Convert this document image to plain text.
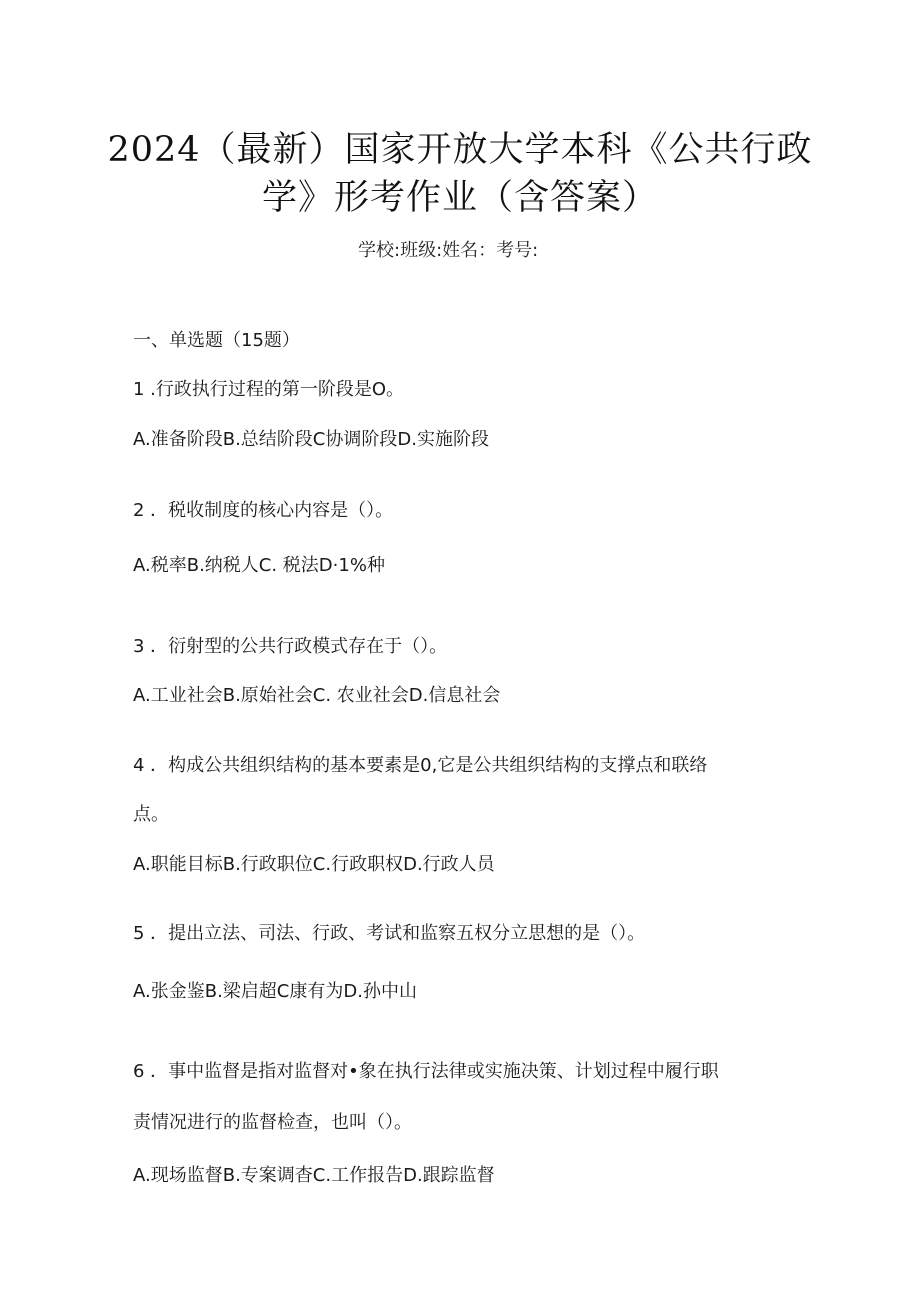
2024（最新）国家开放大学本科《公共行政
学》形考作业（含答案）
学校:班级:姓名：考号:
一、单选题（15题）
1 .行政执行过程的第一阶段是O。
A.准备阶段B.总结阶段C协调阶段D.实施阶段
2 ．税收制度的核心内容是（）。
A.税率B.纳税人C. 税法D·1%种
3 ．衍射型的公共行政模式存在于（）。
A.工业社会B.原始社会C. 农业社会D.信息社会
4 ．构成公共组织结构的基本要素是0,它是公共组织结构的支撑点和联络
点。
A.职能目标B.行政职位C.行政职权D.行政人员
5 ．提出立法、司法、行政、考试和监察五权分立思想的是（）。
A.张金鉴B.梁启超C康有为D.孙中山
6 ．事中监督是指对监督对•象在执行法律或实施决策、计划过程中履行职
责情况进行的监督检查，也叫（）。
A.现场监督B.专案调杳C.工作报告D.跟踪监督
